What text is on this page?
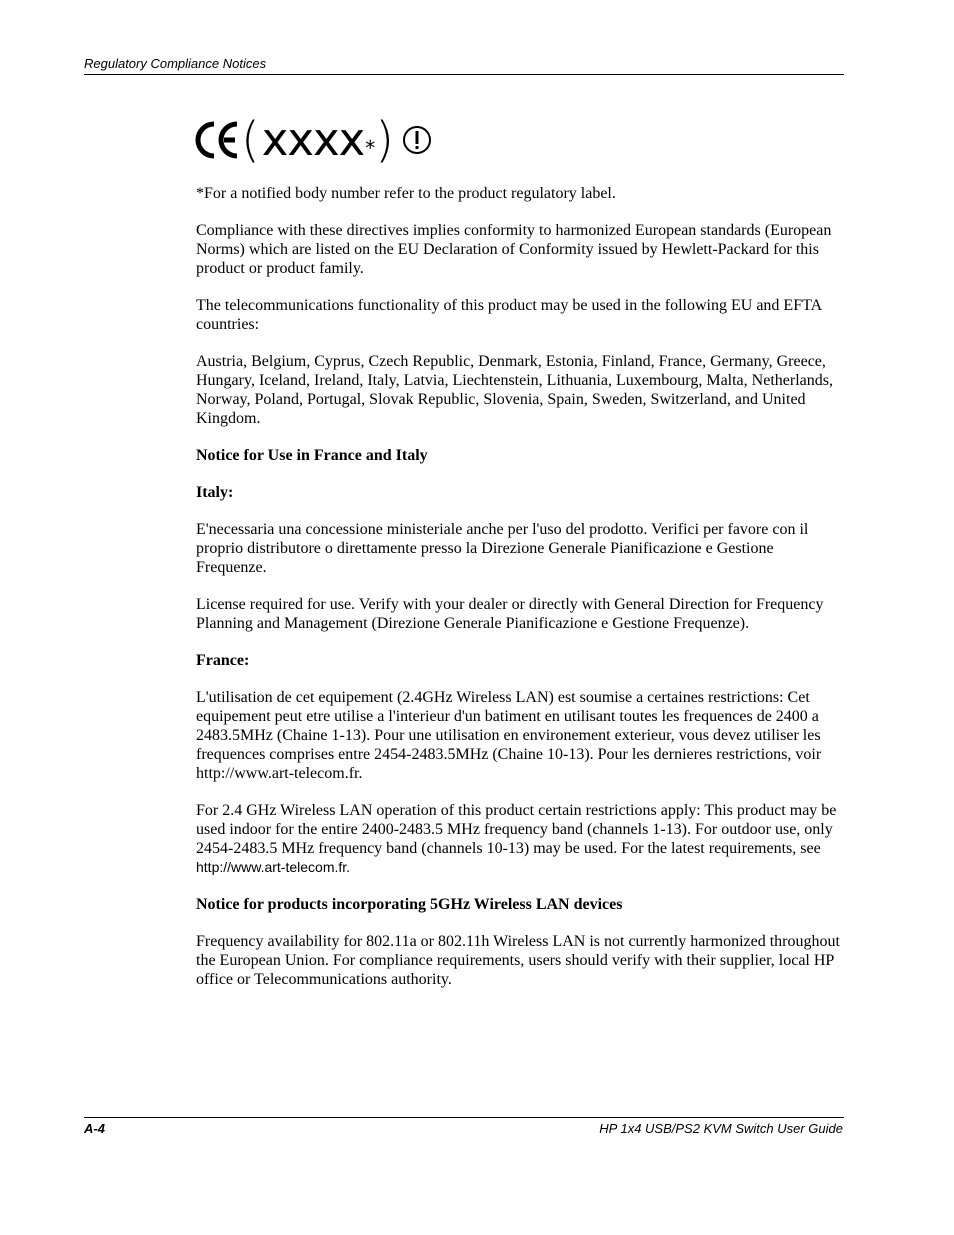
Regulatory Compliance Notices
( xxxx * )

*For a notified body number refer to the product regulatory label.

Compliance with these directives implies conformity to harmonized European standards (European Norms) which are listed on the EU Declaration of Conformity issued by Hewlett-Packard for this product or product family.

The telecommunications functionality of this product may be used in the following EU and EFTA countries:

Austria, Belgium, Cyprus, Czech Republic, Denmark, Estonia, Finland, France, Germany, Greece, Hungary, Iceland, Ireland, Italy, Latvia, Liechtenstein, Lithuania, Luxembourg, Malta, Netherlands, Norway, Poland, Portugal, Slovak Republic, Slovenia, Spain, Sweden, Switzerland, and United Kingdom.

Notice for Use in France and Italy

Italy:

E'necessaria una concessione ministeriale anche per l'uso del prodotto. Verifici per favore con il proprio distributore o direttamente presso la Direzione Generale Pianificazione e Gestione Frequenze.

License required for use. Verify with your dealer or directly with General Direction for Frequency Planning and Management (Direzione Generale Pianificazione e Gestione Frequenze).

France:

L'utilisation de cet equipement (2.4GHz Wireless LAN) est soumise a certaines restrictions: Cet equipement peut etre utilise a l'interieur d'un batiment en utilisant toutes les frequences de 2400 a 2483.5MHz (Chaine 1-13). Pour une utilisation en environement exterieur, vous devez utiliser les frequences comprises entre 2454-2483.5MHz (Chaine 10-13). Pour les dernieres restrictions, voir http://www.art-telecom.fr.

For 2.4 GHz Wireless LAN operation of this product certain restrictions apply: This product may be used indoor for the entire 2400-2483.5 MHz frequency band (channels 1-13). For outdoor use, only 2454-2483.5 MHz frequency band (channels 10-13) may be used. For the latest requirements, see http://www.art-telecom.fr.

Notice for products incorporating 5GHz Wireless LAN devices

Frequency availability for 802.11a or 802.11h Wireless LAN is not currently harmonized throughout the European Union. For compliance requirements, users should verify with their supplier, local HP office or Telecommunications authority.

A-4	HP 1x4 USB/PS2 KVM Switch User Guide
